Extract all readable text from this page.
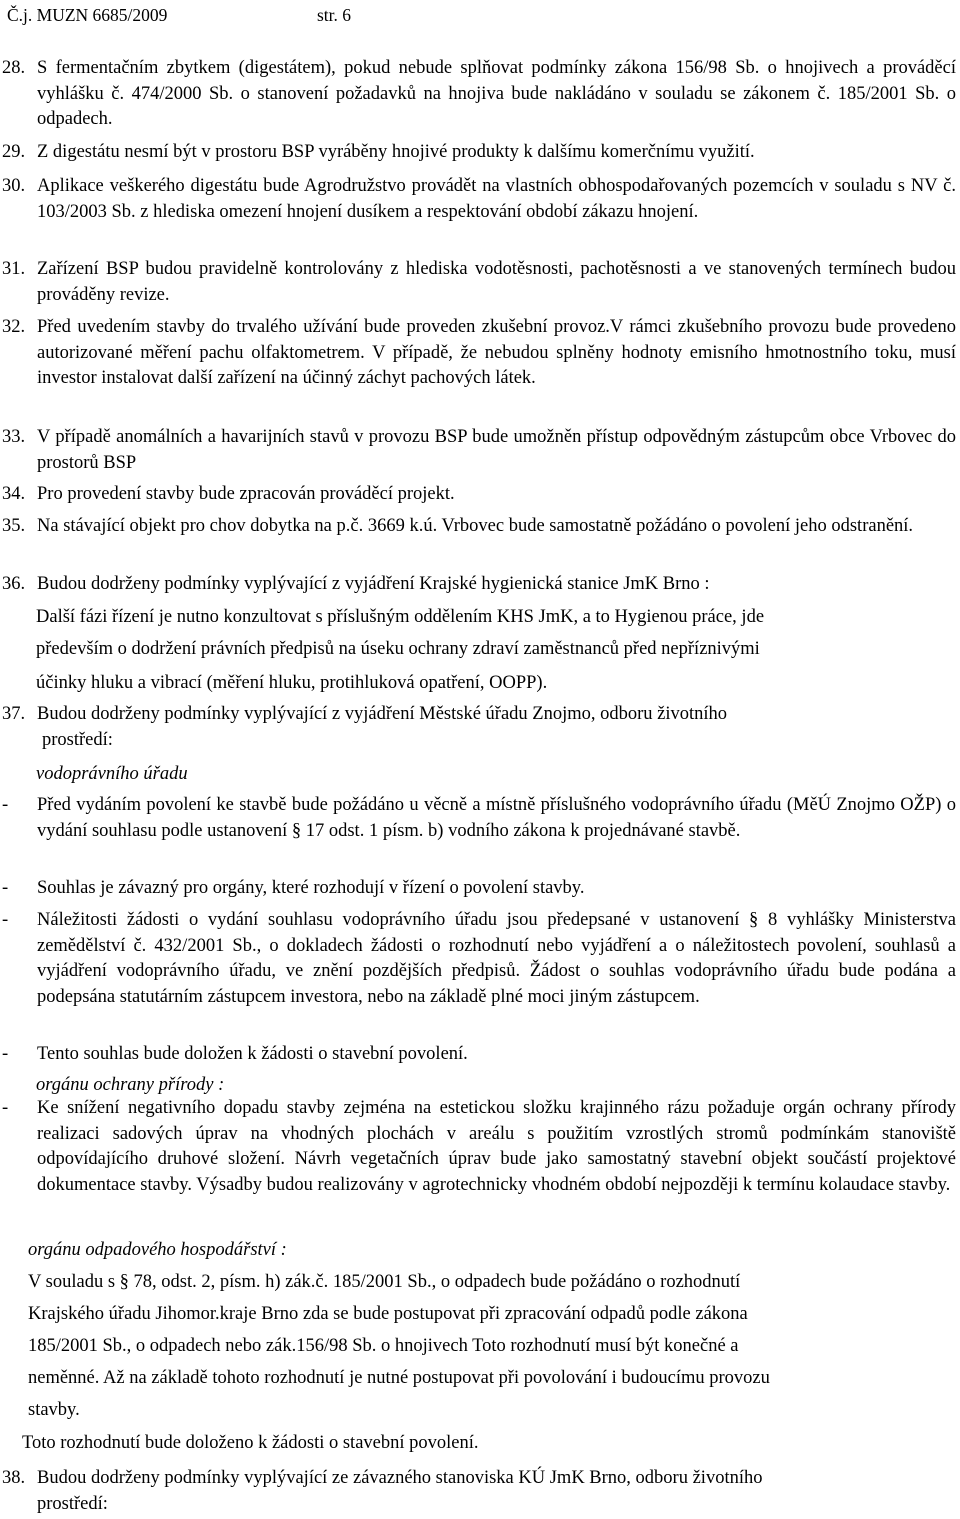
Č.j. MUZN 6685/2009	str. 6
28. S fermentačním zbytkem (digestátem), pokud nebude splňovat podmínky zákona 156/98 Sb. o hnojivech a prováděcí vyhlášku č. 474/2000 Sb. o stanovení požadavků na hnojiva bude nakládáno v souladu se zákonem č. 185/2001 Sb. o odpadech.
29. Z digestátu nesmí být v prostoru BSP vyráběny hnojivé produkty k dalšímu komerčnímu využití.
30. Aplikace veškerého digestátu bude Agrodružstvo provádět na vlastních obhospodařovaných pozemcích v souladu s NV č. 103/2003 Sb. z hlediska omezení hnojení dusíkem a respektování období zákazu hnojení.
31. Zařízení BSP budou pravidelně kontrolovány z hlediska vodotěsnosti, pachotěsnosti a ve stanovených termínech budou prováděny revize.
32. Před uvedením stavby do trvalého užívání bude proveden zkušební provoz.V rámci zkušebního provozu bude provedeno autorizované měření pachu olfaktometrem. V případě, že nebudou splněny hodnoty emisního hmotnostního toku, musí investor instalovat další zařízení na účinný záchyt pachových látek.
33. V případě anomálních a havarijních stavů v provozu BSP bude umožněn přístup odpovědným zástupcům obce Vrbovec do prostorů BSP
34. Pro provedení stavby bude zpracován prováděcí projekt.
35. Na stávající objekt pro chov dobytka na p.č. 3669 k.ú. Vrbovec bude samostatně požádáno o povolení jeho odstranění.
36. Budou dodrženy podmínky vyplývající z vyjádření Krajské hygienická stanice JmK Brno :
Další fázi řízení je nutno konzultovat s příslušným oddělením KHS JmK, a to Hygienou práce, jde
především o dodržení právních předpisů na úseku ochrany zdraví zaměstnanců před nepříznivými
účinky hluku a vibrací (měření hluku, protihluková opatření, OOPP).
37. Budou dodrženy podmínky vyplývající z vyjádření Městské úřadu Znojmo, odboru životního
prostředí:
vodoprávního úřadu
- Před vydáním povolení ke stavbě bude požádáno u věcně a místně příslušného vodoprávního úřadu (MěÚ Znojmo OŽP) o vydání souhlasu podle ustanovení § 17 odst. 1 písm. b) vodního zákona k projednávané stavbě.
- Souhlas je závazný pro orgány, které rozhodují v řízení o povolení stavby.
- Náležitosti žádosti o vydání souhlasu vodoprávního úřadu jsou předepsané v ustanovení § 8 vyhlášky Ministerstva zemědělství č. 432/2001 Sb., o dokladech žádosti o rozhodnutí nebo vyjádření a o náležitostech povolení, souhlasů a vyjádření vodoprávního úřadu, ve znění pozdějších předpisů. Žádost o souhlas vodoprávního úřadu bude podána a podepsána statutárním zástupcem investora, nebo na základě plné moci jiným zástupcem.
- Tento souhlas bude doložen k žádosti o stavební povolení.
orgánu ochrany přírody :
- Ke snížení negativního dopadu stavby zejména na estetickou složku krajinného rázu požaduje orgán ochrany přírody realizaci sadových úprav na vhodných plochách v areálu s použitím vzrostlých stromů podmínkám stanoviště odpovídajícího druhové složení. Návrh vegetačních úprav bude jako samostatný stavební objekt součástí projektové dokumentace stavby. Výsadby budou realizovány v agrotechnicky vhodném období nejpozději k termínu kolaudace stavby.
orgánu odpadového hospodářství :
V souladu s § 78, odst. 2, písm. h) zák.č. 185/2001 Sb., o odpadech bude požádáno o rozhodnutí
Krajského úřadu Jihomor.kraje Brno zda se bude postupovat při zpracování odpadů podle zákona
185/2001 Sb., o odpadech nebo zák.156/98 Sb. o hnojivech Toto rozhodnutí musí být konečné a
neměnné. Až na základě tohoto rozhodnutí je nutné postupovat při povolování i budoucímu provozu
stavby.
Toto rozhodnutí bude doloženo k žádosti o stavební povolení.
38. Budou dodrženy podmínky vyplývající ze závazného stanoviska KÚ JmK Brno, odboru životního
prostředí:
